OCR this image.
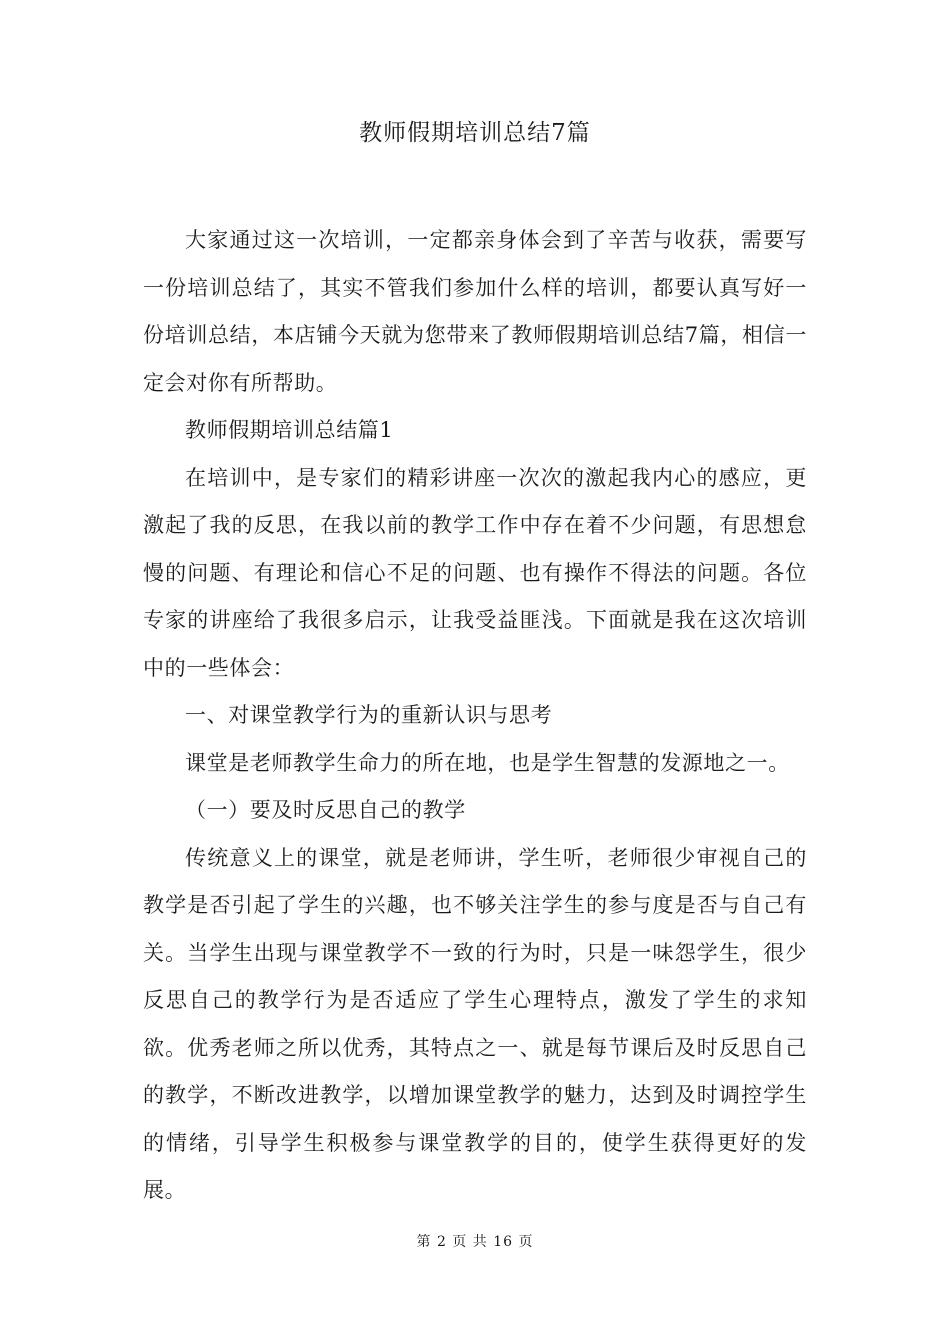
教师假期培训总结7篇

大家通过这一次培训，一定都亲身体会到了辛苦与收获，需要写一份培训总结了，其实不管我们参加什么样的培训，都要认真写好一份培训总结，本店铺今天就为您带来了教师假期培训总结7篇，相信一定会对你有所帮助。

教师假期培训总结篇1

在培训中，是专家们的精彩讲座一次次的激起我内心的感应，更激起了我的反思，在我以前的教学工作中存在着不少问题，有思想怠慢的问题、有理论和信心不足的问题、也有操作不得法的问题。各位专家的讲座给了我很多启示，让我受益匪浅。下面就是我在这次培训中的一些体会：

一、对课堂教学行为的重新认识与思考

课堂是老师教学生命力的所在地，也是学生智慧的发源地之一。

（一）要及时反思自己的教学

传统意义上的课堂，就是老师讲，学生听，老师很少审视自己的教学是否引起了学生的兴趣，也不够关注学生的参与度是否与自己有关。当学生出现与课堂教学不一致的行为时，只是一味怨学生，很少反思自己的教学行为是否适应了学生心理特点，激发了学生的求知欲。优秀老师之所以优秀，其特点之一、就是每节课后及时反思自己的教学，不断改进教学，以增加课堂教学的魅力，达到及时调控学生的情绪，引导学生积极参与课堂教学的目的，使学生获得更好的发展。

第 2 页 共 16 页
